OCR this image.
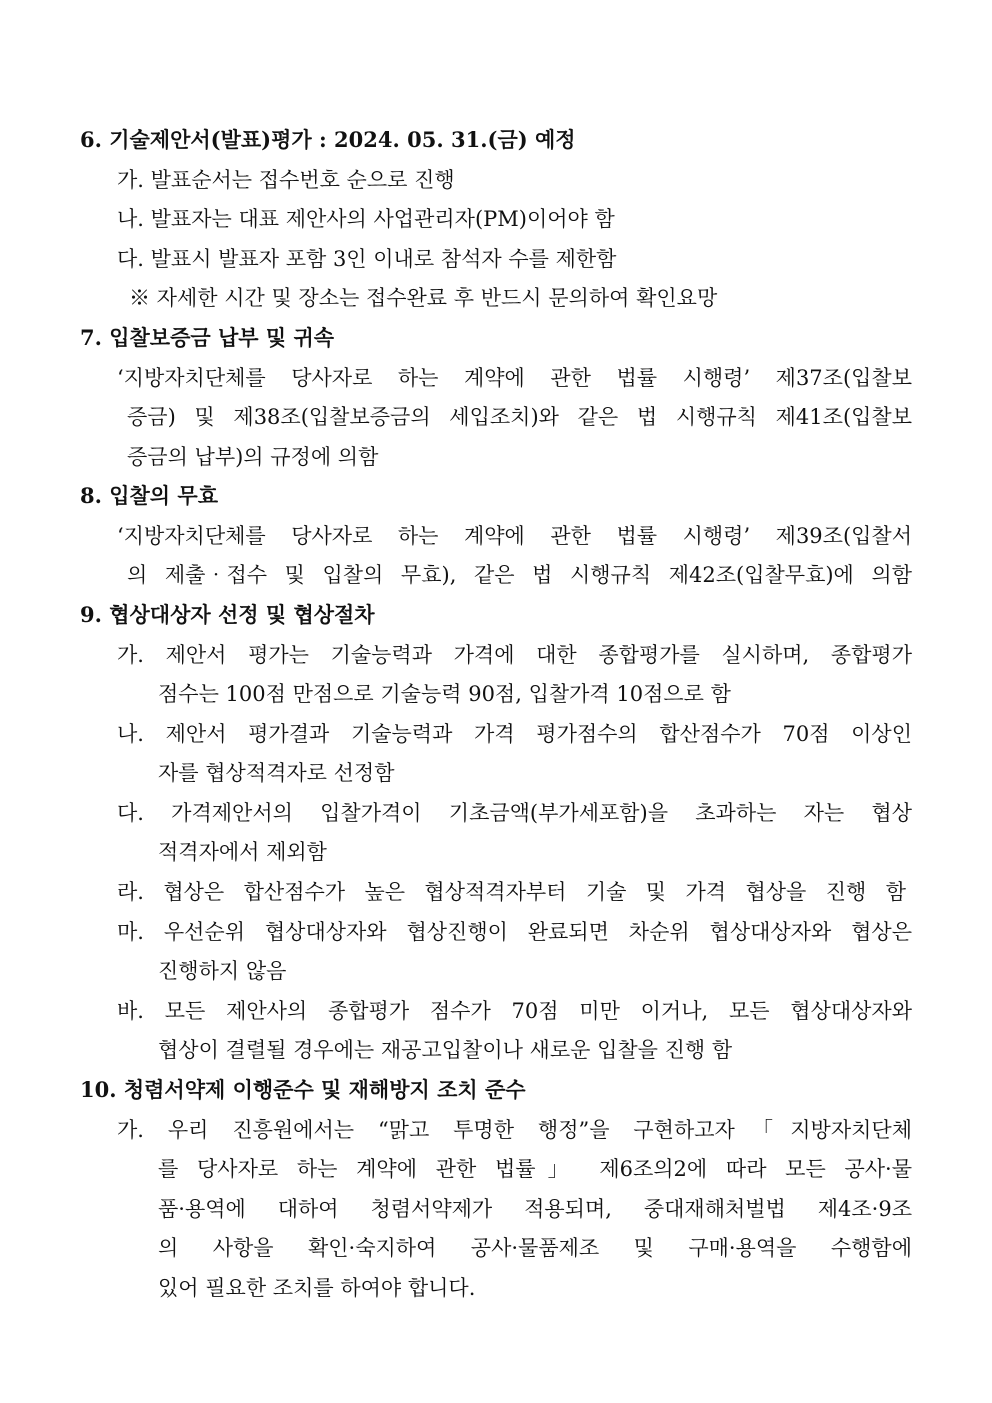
6. 기술제안서(발표)평가 : 2024. 05. 31.(금) 예정
가. 발표순서는 접수번호 순으로 진행
나. 발표자는 대표 제안사의 사업관리자(PM)이어야 함
다. 발표시 발표자 포함 3인 이내로 참석자 수를 제한함
※ 자세한 시간 및 장소는 접수완료 후 반드시 문의하여 확인요망
7. 입찰보증금 납부 및 귀속
‘지방자치단체를 당사자로 하는 계약에 관한 법률 시행령’ 제37조(입찰보
증금) 및 제38조(입찰보증금의 세입조치)와 같은 법 시행규칙 제41조(입찰보
증금의 납부)의 규정에 의함
8. 입찰의 무효
‘지방자치단체를 당사자로 하는 계약에 관한 법률 시행령’ 제39조(입찰서
의 제출‧접수 및 입찰의 무효), 같은 법 시행규칙 제42조(입찰무효)에 의함
9. 협상대상자 선정 및 협상절차
가. 제안서 평가는 기술능력과 가격에 대한 종합평가를 실시하며, 종합평가
점수는 100점 만점으로 기술능력 90점, 입찰가격 10점으로 함
나. 제안서 평가결과 기술능력과 가격 평가점수의 합산점수가 70점 이상인
자를 협상적격자로 선정함
다. 가격제안서의 입찰가격이 기초금액(부가세포함)을 초과하는 자는 협상
적격자에서 제외함
라. 협상은 합산점수가 높은 협상적격자부터 기술 및 가격 협상을 진행 함
마. 우선순위 협상대상자와 협상진행이 완료되면 차순위 협상대상자와 협상은
진행하지 않음
바. 모든 제안사의 종합평가 점수가 70점 미만 이거나, 모든 협상대상자와
협상이 결렬될 경우에는 재공고입찰이나 새로운 입찰을 진행 함
10. 청렴서약제 이행준수 및 재해방지 조치 준수
가. 우리 진흥원에서는 “맑고 투명한 행정”을 구현하고자「지방자치단체
를 당사자로 하는 계약에 관한 법률」 제6조의2에 따라 모든 공사·물
품·용역에 대하여 청렴서약제가 적용되며, 중대재해처벌법 제4조·9조
의 사항을 확인·숙지하여 공사·물품제조 및 구매·용역을 수행함에
있어 필요한 조치를 하여야 합니다.
